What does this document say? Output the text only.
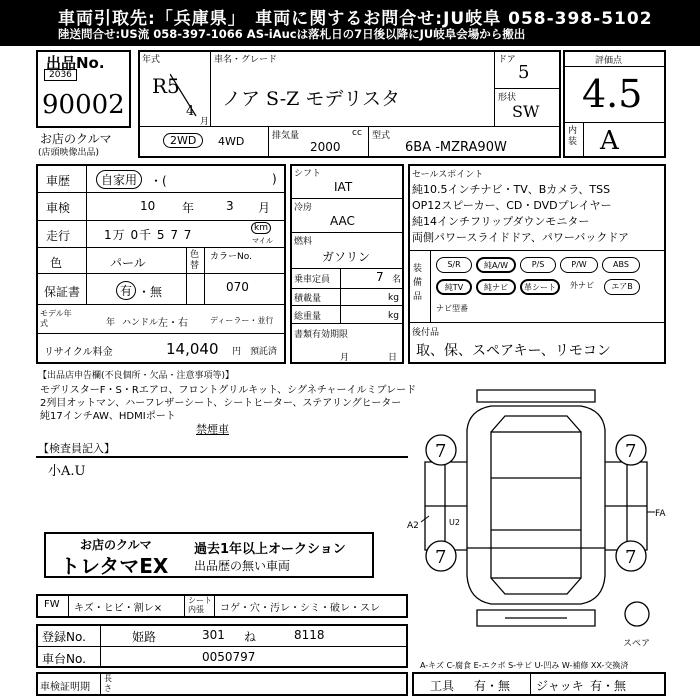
車両引取先:「兵庫県」　車両に関するお問合せ:JU岐阜 058-398-5102
陸送問合せ:US流 058-397-1066 AS-iAucは落札日の7日後以降にJU岐阜会場から搬出
出品No.
2036
90002
お店のクルマ
(店頭映像出品)
年式
R5
4
月
車名・グレード
ノア S-Z モデリスタ
ドア
5
形状
SW
2WD	4WD	排気量	cc
2000
型式
6BA -MZRA90W
評価点
4.5
内装 A
車歴	自家用	・(	)
車検	10 年	3 月
走行	1万 0千 5 7 7	km
マイル
色	パール
色替
カラーNo.
070
保証書	有 ・無
モデル年式	年 ハンドル 左・右	ディーラー・並行
リサイクル料金	14,040 円 預託済
シフト
IAT
冷房
AAC
燃料
ガソリン
乗車定員	7 名
積載量	kg
総重量	kg
書類有効期限
月	日
セールスポイント
純10.5インチナビ・TV、Bカメラ、TSS
OP12スピーカー、CD・DVDプレイヤー
純14インチフリップダウンモニター
両側パワースライドドア、パワーバックドア
装備品
S/R	純A/W	P/S	P/W	ABS
純TV	純ナビ	革シート	外ナビ	エアB
ナビ型番
後付品
取、保、スペアキー、リモコン
【出品店申告欄(不良個所・欠品・注意事項等)】
モデリスターF・S・Rエアロ、フロントグリルキット、シグネチャーイルミブレード
2列目オットマン、ハーフレザーシート、シートヒーター、ステアリングヒーター
純17インチAW、HDMIポート
禁煙車
【検査員記入】
小A.U
お店のクルマ
トレタマEX
過去1年以上オークション
出品歴の無い車両
FW キズ・ヒビ・割レ×
シート内張	コゲ・穴・汚レ・シミ・破レ・スレ
登録No.	姫路	301 ね	8118
車台No.	0050797
車検証明期
長さ
A-キズ C-腐食 E-エクボ S-サビ U-凹み W-補修 XX-交換済
工具 有・無 ジャッキ 有・無
7	7
7	7
A2	U2
FA
スペア
